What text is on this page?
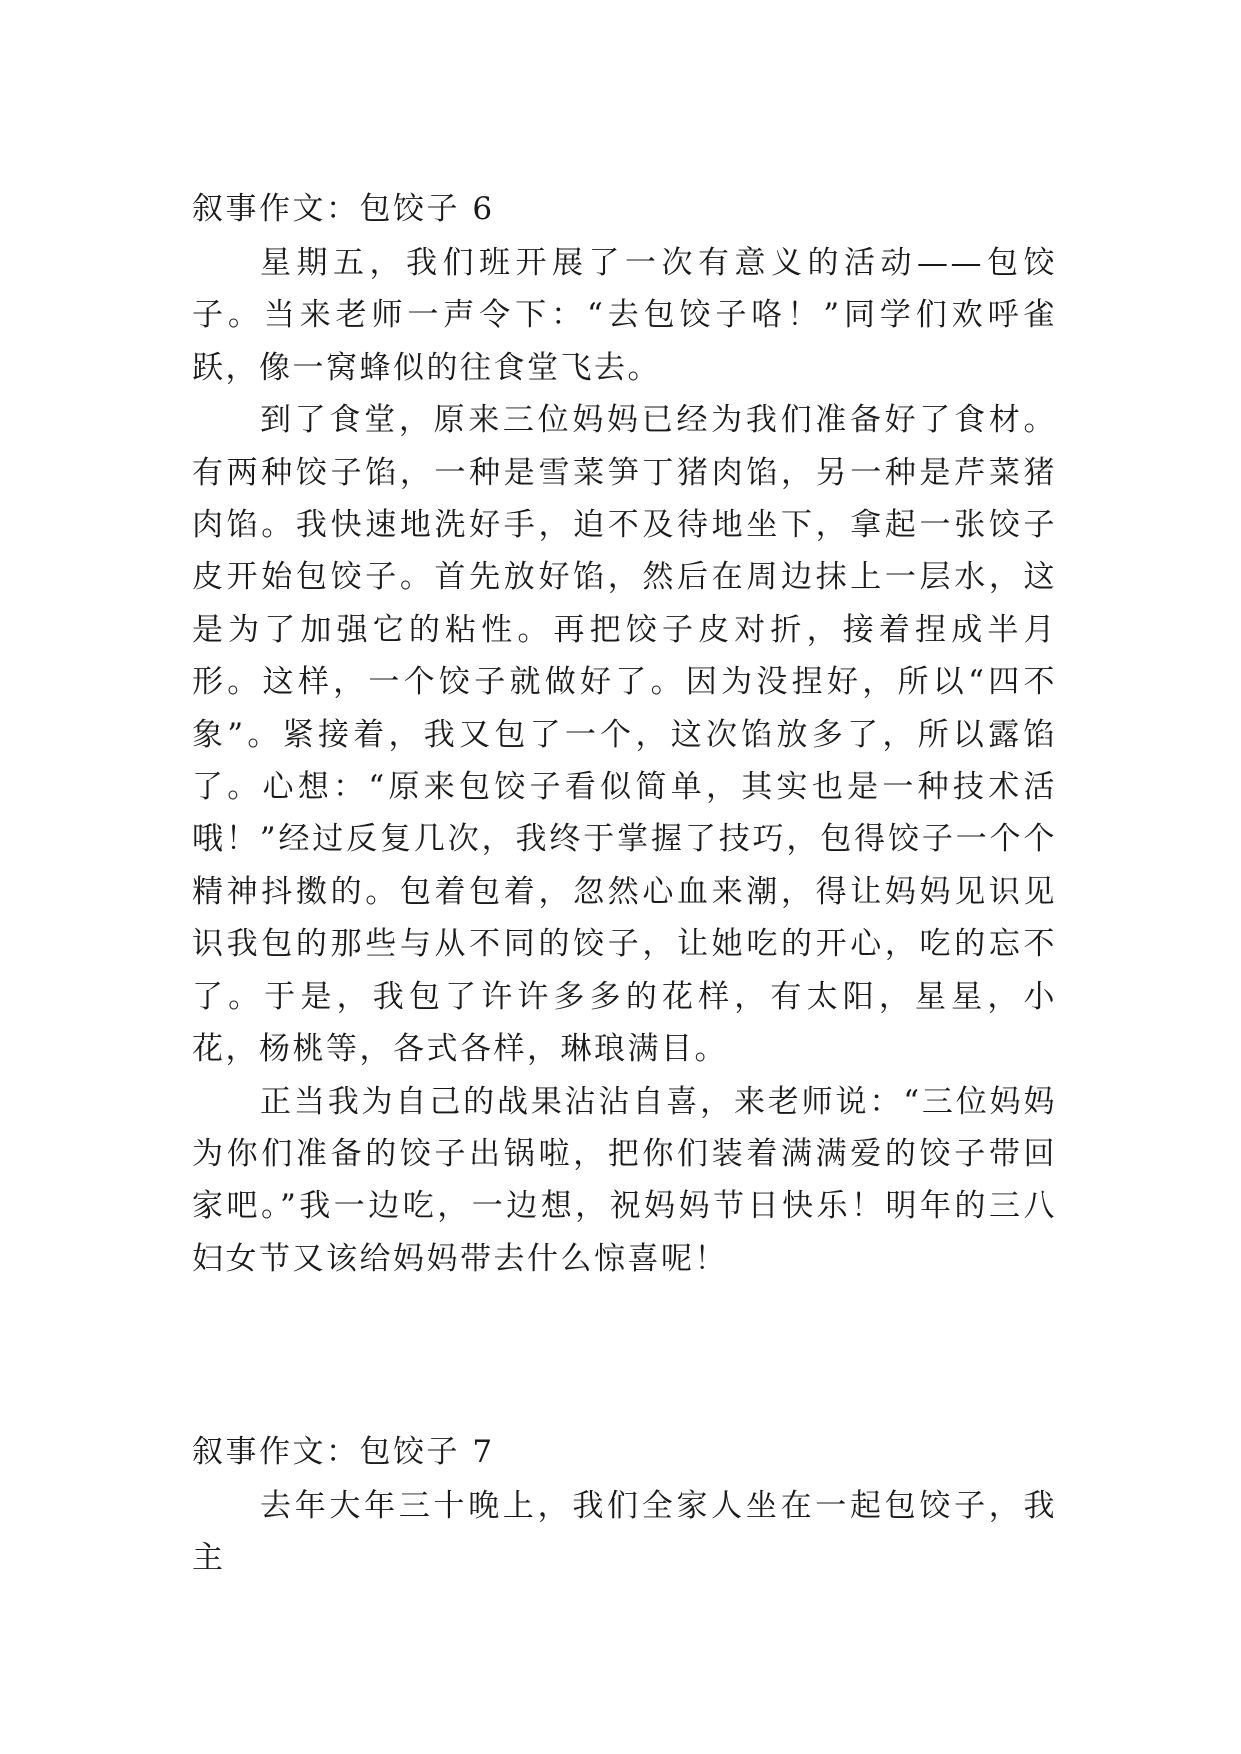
叙事作文：包饺子 6

星期五，我们班开展了一次有意义的活动——包饺子。当来老师一声令下：“去包饺子咯！”同学们欢呼雀跃，像一窝蜂似的往食堂飞去。

到了食堂，原来三位妈妈已经为我们准备好了食材。有两种饺子馅，一种是雪菜笋丁猪肉馅，另一种是芹菜猪肉馅。我快速地洗好手，迫不及待地坐下，拿起一张饺子皮开始包饺子。首先放好馅，然后在周边抹上一层水，这是为了加强它的粘性。再把饺子皮对折，接着捏成半月形。这样，一个饺子就做好了。因为没捏好，所以“四不象”。紧接着，我又包了一个，这次馅放多了，所以露馅了。心想：“原来包饺子看似简单，其实也是一种技术活哦！”经过反复几次，我终于掌握了技巧，包得饺子一个个精神抖擞的。包着包着，忽然心血来潮，得让妈妈见识见识我包的那些与从不同的饺子，让她吃的开心，吃的忘不了。于是，我包了许许多多的花样，有太阳，星星，小花，杨桃等，各式各样，琳琅满目。

正当我为自己的战果沾沾自喜，来老师说：“三位妈妈为你们准备的饺子出锅啦，把你们装着满满爱的饺子带回家吧。”我一边吃，一边想，祝妈妈节日快乐！明年的三八妇女节又该给妈妈带去什么惊喜呢！

叙事作文：包饺子 7

去年大年三十晚上，我们全家人坐在一起包饺子，我主
